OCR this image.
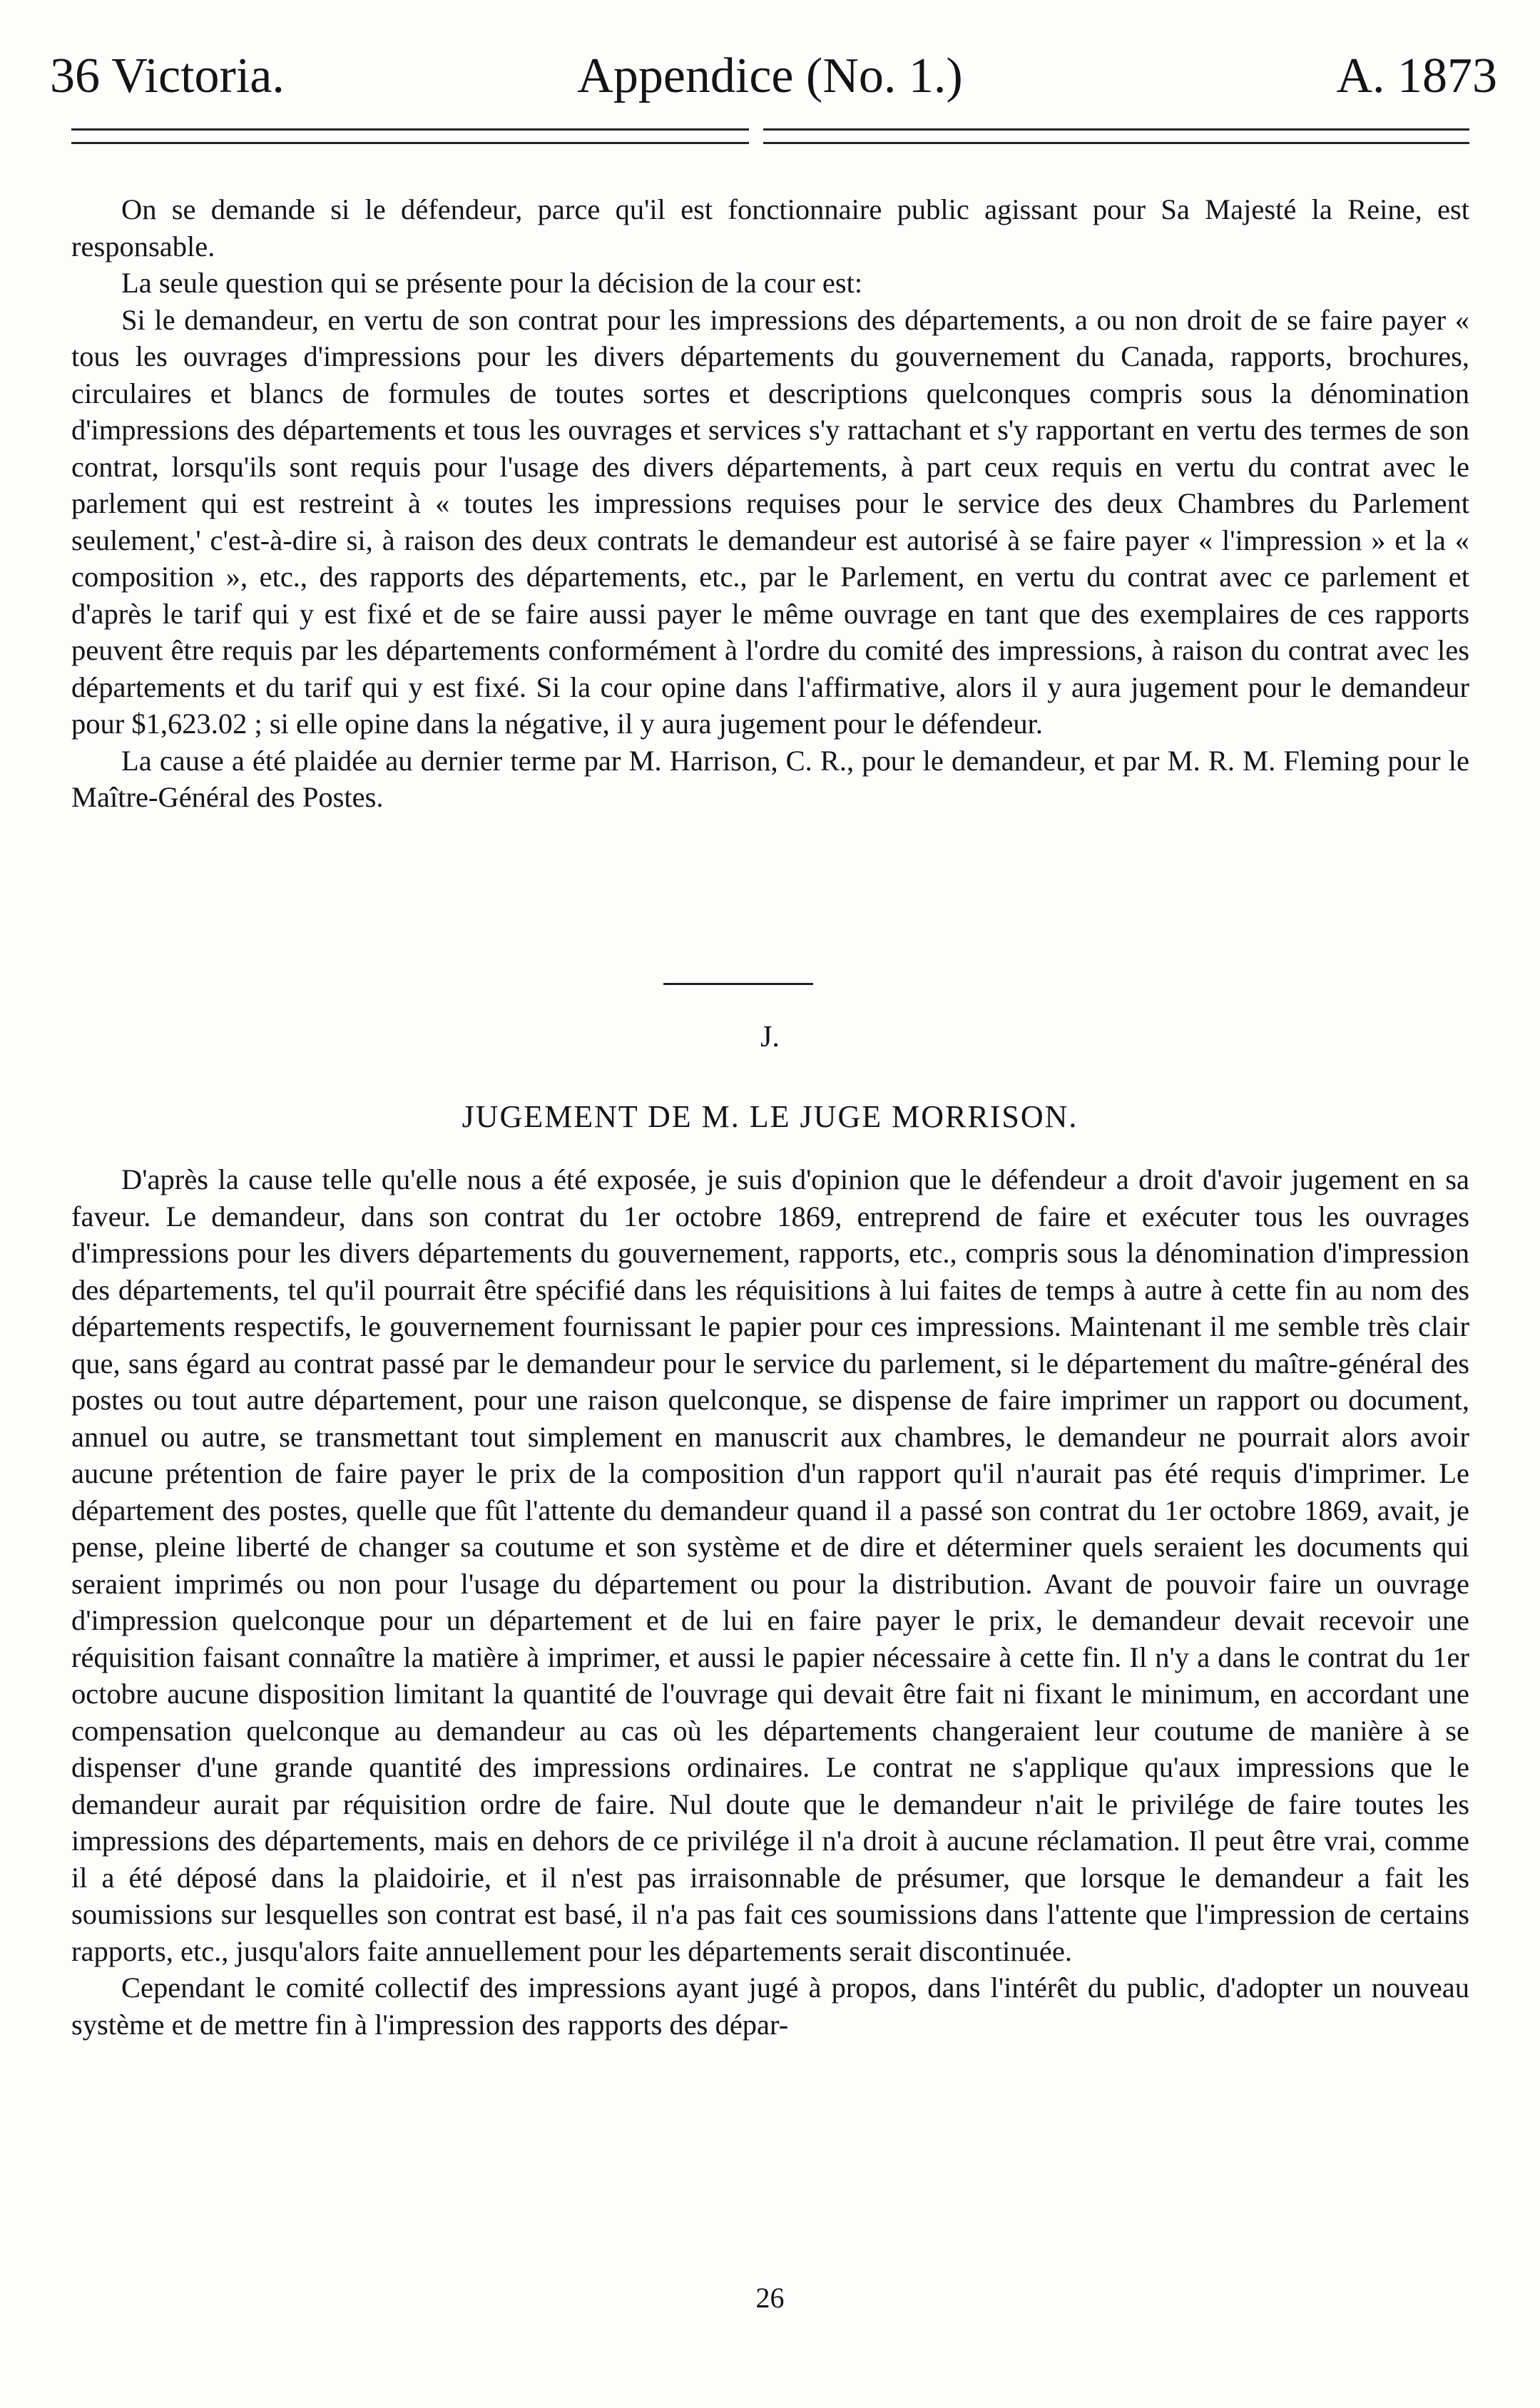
36 Victoria.	Appendice (No. 1.)	A. 1873

On se demande si le défendeur, parce qu'il est fonctionnaire public agissant pour Sa Majesté la Reine, est responsable.

La seule question qui se présente pour la décision de la cour est:

Si le demandeur, en vertu de son contrat pour les impressions des départements, a ou non droit de se faire payer « tous les ouvrages d'impressions pour les divers départements du gouvernement du Canada, rapports, brochures, circulaires et blancs de formules de toutes sortes et descriptions quelconques compris sous la dénomination d'impressions des départements et tous les ouvrages et services s'y rattachant et s'y rapportant en vertu des termes de son contrat, lorsqu'ils sont requis pour l'usage des divers départements, à part ceux requis en vertu du contrat avec le parlement qui est restreint à « toutes les impressions requises pour le service des deux Chambres du Parlement seulement,' c'est-à-dire si, à raison des deux contrats le demandeur est autorisé à se faire payer « l'impression » et la « composition », etc., des rapports des départements, etc., par le Parlement, en vertu du contrat avec ce parlement et d'après le tarif qui y est fixé et de se faire aussi payer le même ouvrage en tant que des exemplaires de ces rapports peuvent être requis par les départements conformément à l'ordre du comité des impressions, à raison du contrat avec les départements et du tarif qui y est fixé. Si la cour opine dans l'affirmative, alors il y aura jugement pour le demandeur pour $1,623.02 ; si elle opine dans la négative, il y aura jugement pour le défendeur.

La cause a été plaidée au dernier terme par M. Harrison, C. R., pour le demandeur, et par M. R. M. Fleming pour le Maître-Général des Postes.

J.
JUGEMENT DE M. LE JUGE MORRISON.

D'après la cause telle qu'elle nous a été exposée, je suis d'opinion que le défendeur a droit d'avoir jugement en sa faveur. Le demandeur, dans son contrat du 1er octobre 1869, entreprend de faire et exécuter tous les ouvrages d'impressions pour les divers départements du gouvernement, rapports, etc., compris sous la dénomination d'impression des départements, tel qu'il pourrait être spécifié dans les réquisitions à lui faites de temps à autre à cette fin au nom des départements respectifs, le gouvernement fournissant le papier pour ces impressions. Maintenant il me semble très clair que, sans égard au contrat passé par le demandeur pour le service du parlement, si le département du maître-général des postes ou tout autre département, pour une raison quelconque, se dispense de faire imprimer un rapport ou document, annuel ou autre, se transmettant tout simplement en manuscrit aux chambres, le demandeur ne pourrait alors avoir aucune prétention de faire payer le prix de la composition d'un rapport qu'il n'aurait pas été requis d'imprimer. Le département des postes, quelle que fût l'attente du demandeur quand il a passé son contrat du 1er octobre 1869, avait, je pense, pleine liberté de changer sa coutume et son système et de dire et déterminer quels seraient les documents qui seraient imprimés ou non pour l'usage du département ou pour la distribution. Avant de pouvoir faire un ouvrage d'impression quelconque pour un département et de lui en faire payer le prix, le demandeur devait recevoir une réquisition faisant connaître la matière à imprimer, et aussi le papier nécessaire à cette fin. Il n'y a dans le contrat du 1er octobre aucune disposition limitant la quantité de l'ouvrage qui devait être fait ni fixant le minimum, en accordant une compensation quelconque au demandeur au cas où les départements changeraient leur coutume de manière à se dispenser d'une grande quantité des impressions ordinaires. Le contrat ne s'applique qu'aux impressions que le demandeur aurait par réquisition ordre de faire. Nul doute que le demandeur n'ait le privilége de faire toutes les impressions des départements, mais en dehors de ce privilége il n'a droit à aucune réclamation. Il peut être vrai, comme il a été déposé dans la plaidoirie, et il n'est pas irraisonnable de présumer, que lorsque le demandeur a fait les soumissions sur lesquelles son contrat est basé, il n'a pas fait ces soumissions dans l'attente que l'impression de certains rapports, etc., jusqu'alors faite annuellement pour les départements serait discontinuée.

Cependant le comité collectif des impressions ayant jugé à propos, dans l'intérêt du public, d'adopter un nouveau système et de mettre fin à l'impression des rapports des dépar-

26
